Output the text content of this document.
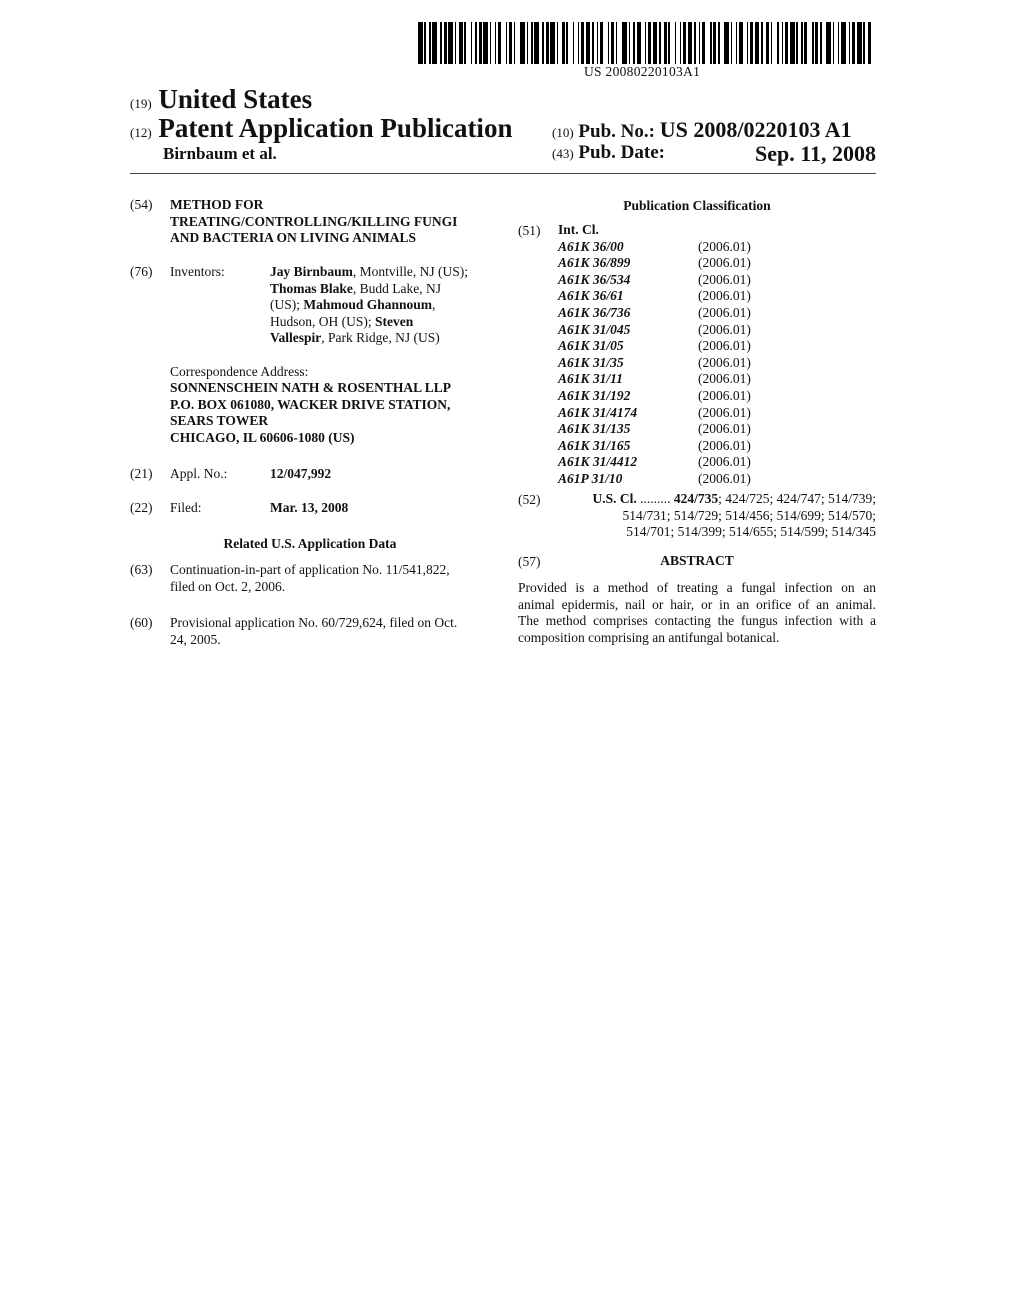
US 20080220103A1
(19) United States
(12) Patent Application Publication
Birnbaum et al.
(10) Pub. No.: US 2008/0220103 A1
(43) Pub. Date:	Sep. 11, 2008
(54) METHOD FOR
TREATING/CONTROLLING/KILLING FUNGI
AND BACTERIA ON LIVING ANIMALS
(76) Inventors:	Jay Birnbaum, Montville, NJ (US);
Thomas Blake, Budd Lake, NJ
(US); Mahmoud Ghannoum,
Hudson, OH (US); Steven
Vallespir, Park Ridge, NJ (US)
Correspondence Address:
SONNENSCHEIN NATH & ROSENTHAL LLP
P.O. BOX 061080, WACKER DRIVE STATION,
SEARS TOWER
CHICAGO, IL 60606-1080 (US)
(21) Appl. No.:	12/047,992
(22) Filed:	Mar. 13, 2008
Related U.S. Application Data
(63) Continuation-in-part of application No. 11/541,822,
filed on Oct. 2, 2006.
(60) Provisional application No. 60/729,624, filed on Oct.
24, 2005.
Publication Classification
(51) Int. Cl.
A61K 36/00	(2006.01)
A61K 36/899	(2006.01)
A61K 36/534	(2006.01)
A61K 36/61	(2006.01)
A61K 36/736	(2006.01)
A61K 31/045	(2006.01)
A61K 31/05	(2006.01)
A61K 31/35	(2006.01)
A61K 31/11	(2006.01)
A61K 31/192	(2006.01)
A61K 31/4174	(2006.01)
A61K 31/135	(2006.01)
A61K 31/165	(2006.01)
A61K 31/4412	(2006.01)
A61P 31/10	(2006.01)
(52)	U.S. Cl. ......... 424/735; 424/725; 424/747; 514/739;
514/731; 514/729; 514/456; 514/699; 514/570;
514/701; 514/399; 514/655; 514/599; 514/345
(57)	ABSTRACT
Provided is a method of treating a fungal infection on an
animal epidermis, nail or hair, or in an orifice of an animal.
The method comprises contacting the fungus infection with a
composition comprising an antifungal botanical.
